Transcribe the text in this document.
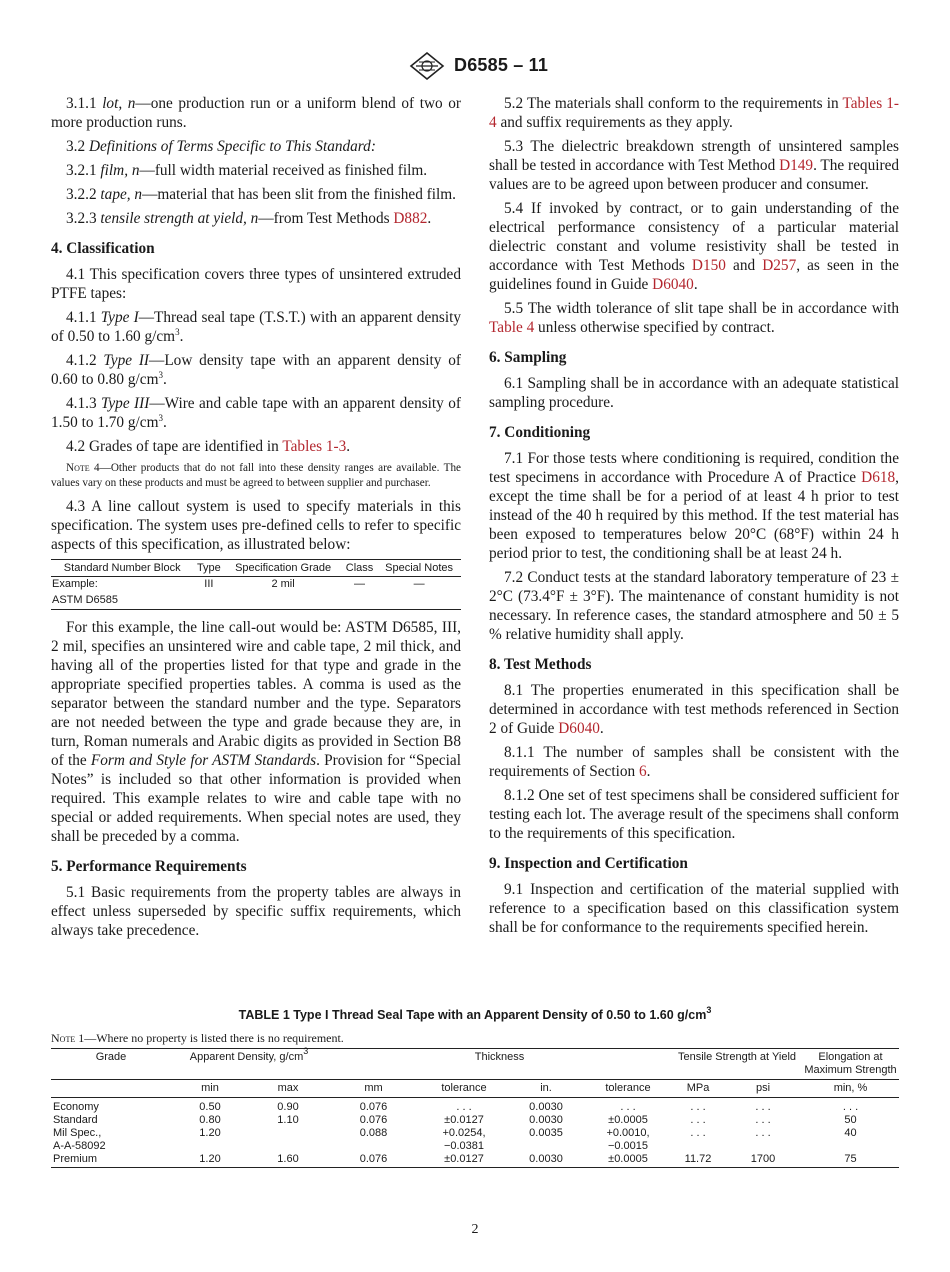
D6585 – 11

3.1.1 lot, n—one production run or a uniform blend of two or more production runs.

3.2 Definitions of Terms Specific to This Standard:

3.2.1 film, n—full width material received as finished film.

3.2.2 tape, n—material that has been slit from the finished film.

3.2.3 tensile strength at yield, n—from Test Methods D882.

4. Classification

4.1 This specification covers three types of unsintered extruded PTFE tapes:

4.1.1 Type I—Thread seal tape (T.S.T.) with an apparent density of 0.50 to 1.60 $g/cm^3$.

4.1.2 Type II—Low density tape with an apparent density of 0.60 to 0.80 $g/cm^3$.

4.1.3 Type III—Wire and cable tape with an apparent density of 1.50 to 1.70 $g/cm^3$.

4.2 Grades of tape are identified in Tables 1-3.

Note 4—Other products that do not fall into these density ranges are available. The values vary on these products and must be agreed to between supplier and purchaser.

4.3 A line callout system is used to specify materials in this specification. The system uses pre-defined cells to refer to specific aspects of this specification, as illustrated below:

Standard Number Block	Type	Specification Grade	Class	Special Notes
Example:	III	2 mil	—	—
ASTM D6585				

For this example, the line call-out would be: ASTM D6585, III, 2 mil, specifies an unsintered wire and cable tape, 2 mil thick, and having all of the properties listed for that type and grade in the appropriate specified properties tables. A comma is used as the separator between the standard number and the type. Separators are not needed between the type and grade because they are, in turn, Roman numerals and Arabic digits as provided in Section B8 of the Form and Style for ASTM Standards. Provision for “Special Notes” is included so that other information is provided when required. This example relates to wire and cable tape with no special or added requirements. When special notes are used, they shall be preceded by a comma.

5. Performance Requirements

5.1 Basic requirements from the property tables are always in effect unless superseded by specific suffix requirements, which always take precedence.

5.2 The materials shall conform to the requirements in Tables 1-4 and suffix requirements as they apply.

5.3 The dielectric breakdown strength of unsintered samples shall be tested in accordance with Test Method D149. The required values are to be agreed upon between producer and consumer.

5.4 If invoked by contract, or to gain understanding of the electrical performance consistency of a particular material dielectric constant and volume resistivity shall be tested in accordance with Test Methods D150 and D257, as seen in the guidelines found in Guide D6040.

5.5 The width tolerance of slit tape shall be in accordance with Table 4 unless otherwise specified by contract.

6. Sampling

6.1 Sampling shall be in accordance with an adequate statistical sampling procedure.

7. Conditioning

7.1 For those tests where conditioning is required, condition the test specimens in accordance with Procedure A of Practice D618, except the time shall be for a period of at least 4 h prior to test instead of the 40 h required by this method. If the test material has been exposed to temperatures below 20°C (68°F) within 24 h period prior to test, the conditioning shall be at least 24 h.

7.2 Conduct tests at the standard laboratory temperature of 23 ± 2°C (73.4°F ± 3°F). The maintenance of constant humidity is not necessary. In reference cases, the standard atmosphere and 50 ± 5 % relative humidity shall apply.

8. Test Methods

8.1 The properties enumerated in this specification shall be determined in accordance with test methods referenced in Section 2 of Guide D6040.

8.1.1 The number of samples shall be consistent with the requirements of Section 6.

8.1.2 One set of test specimens shall be considered sufficient for testing each lot. The average result of the specimens shall conform to the requirements of this specification.

9. Inspection and Certification

9.1 Inspection and certification of the material supplied with reference to a specification based on this classification system shall be for conformance to the requirements specified herein.

TABLE 1 Type I Thread Seal Tape with an Apparent Density of 0.50 to 1.60 $g/cm^3$
Note 1—Where no property is listed there is no requirement.
Grade	Apparent Density, $g/cm^3$		Thickness				Tensile Strength at Yield		Elongation at Maximum Strength
	min	max	mm	tolerance	in.	tolerance	MPa	psi	min, %
Economy	0.50	0.90	0.076	. . .	0.0030	. . .	. . .	. . .	. . .
Standard	0.80	1.10	0.076	±0.0127	0.0030	±0.0005	. . .	. . .	50
Mil Spec.,
A-A-58092	1.20		0.088	+0.0254,
−0.0381	0.0035	+0.0010,
−0.0015	. . .	. . .	40
Premium	1.20	1.60	0.076	±0.0127	0.0030	±0.0005	11.72	1700	75
2
